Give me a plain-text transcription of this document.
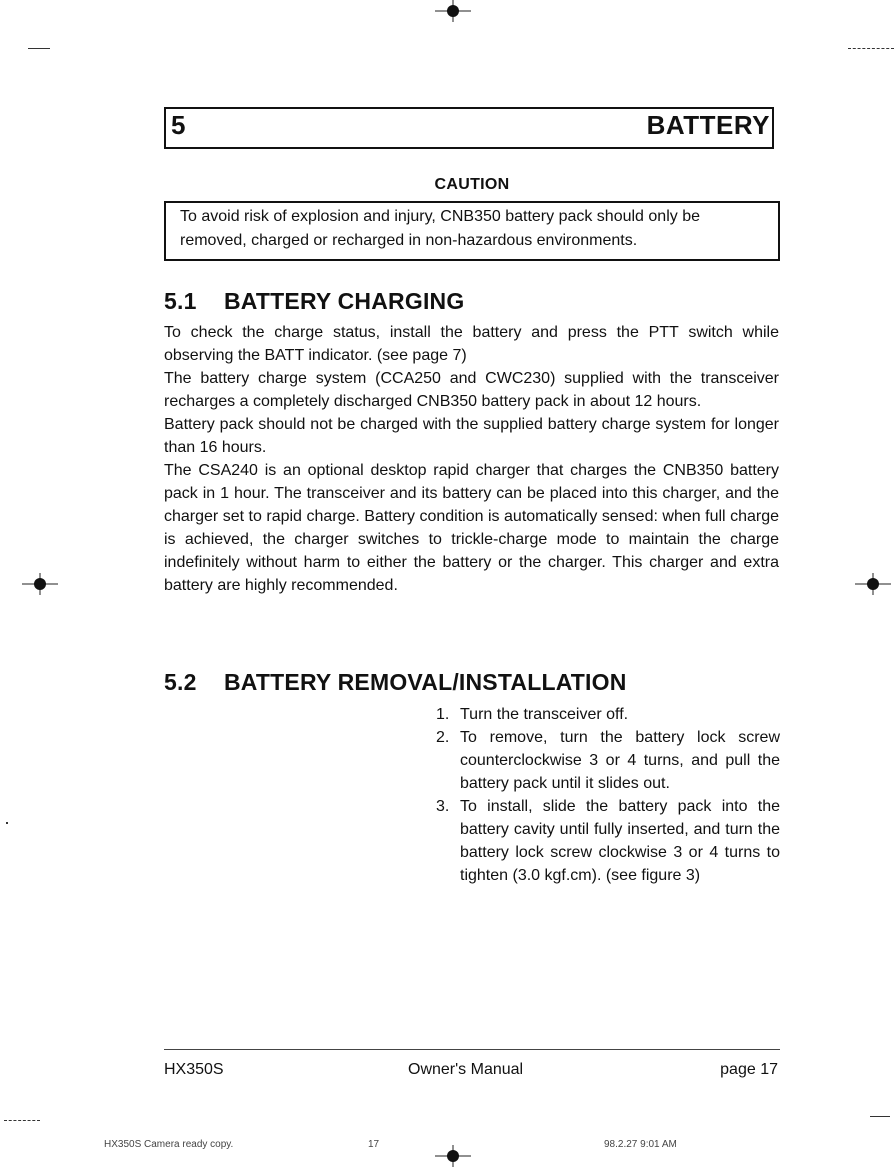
5	BATTERY
CAUTION
To avoid risk of explosion and injury, CNB350 battery pack should only be removed, charged or recharged in non-hazardous environments.
5.1 BATTERY CHARGING

To check the charge status, install the battery and press the PTT switch while observing the BATT indicator. (see page 7)

The battery charge system (CCA250 and CWC230) supplied with the transceiver recharges a completely discharged CNB350 battery pack in about 12 hours.

Battery pack should not be charged with the supplied battery charge system for longer than 16 hours.

The CSA240 is an optional desktop rapid charger that charges the CNB350 battery pack in 1 hour. The transceiver and its battery can be placed into this charger, and the charger set to rapid charge. Battery condition is automatically sensed: when full charge is achieved, the charger switches to trickle-charge mode to maintain the charge indefinitely without harm to either the battery or the charger. This charger and extra battery are highly recommended.

5.2 BATTERY REMOVAL/INSTALLATION
1. Turn the transceiver off.
2. To remove, turn the battery lock screw counterclockwise 3 or 4 turns, and pull the battery pack until it slides out.
3. To install, slide the battery pack into the battery cavity until fully inserted, and turn the battery lock screw clockwise 3 or 4 turns to tighten (3.0 kgf.cm). (see figure 3)
HX350S	Owner's Manual	page 17
HX350S Camera ready copy.	17	98.2.27 9:01 AM
